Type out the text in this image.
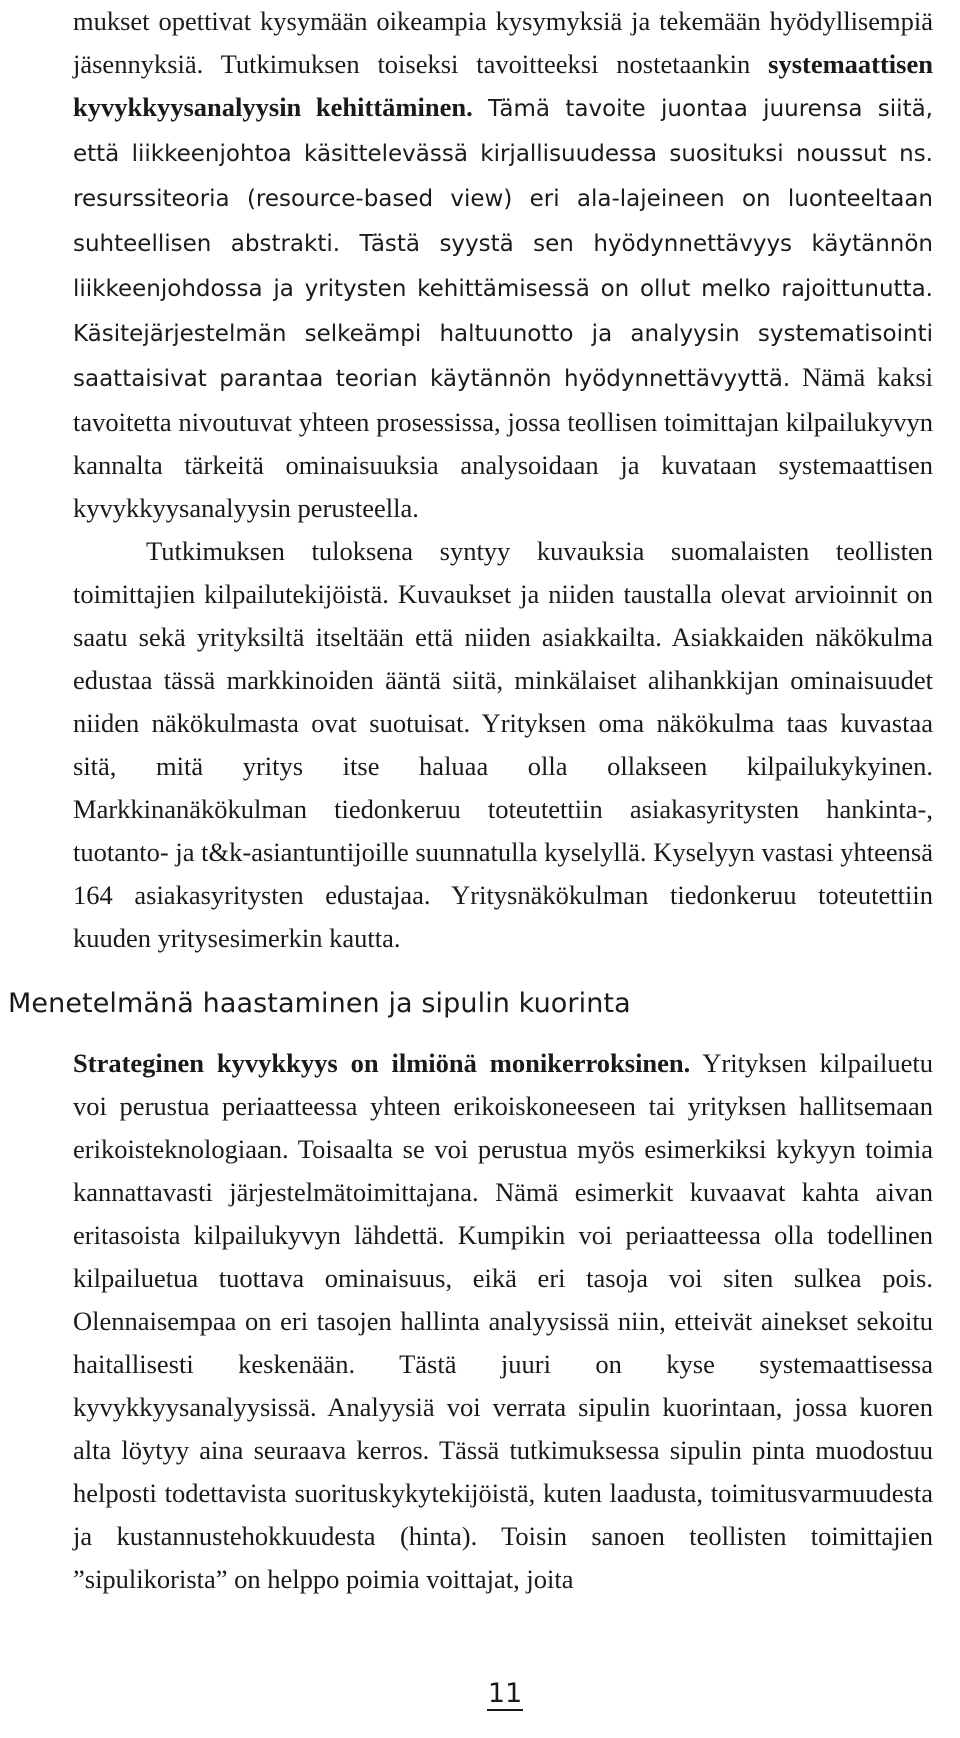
mukset opettivat kysymään oikeampia kysymyksiä ja tekemään hyödyllisempiä jäsennyksiä. Tutkimuksen toiseksi tavoitteeksi nostetaankin systemaattisen kyvykkyysanalyysin kehittäminen. Tämä tavoite juontaa juurensa siitä, että liikkeenjohtoa käsittelevässä kirjallisuudessa suosituksi noussut ns. resurssiteoria (resource-based view) eri ala-lajeineen on luonteeltaan suhteellisen abstrakti. Tästä syystä sen hyödynnettävyys käytännön liikkeenjohdossa ja yritysten kehittämisessä on ollut melko rajoittunutta. Käsitejärjestelmän selkeämpi haltuunotto ja analyysin systematisointi saattaisivat parantaa teorian käytännön hyödynnettävyyttä. Nämä kaksi tavoitetta nivoutuvat yhteen prosessissa, jossa teollisen toimittajan kilpailukyvyn kannalta tärkeitä ominaisuuksia analysoidaan ja kuvataan systemaattisen kyvykkyysanalyysin perusteella.

Tutkimuksen tuloksena syntyy kuvauksia suomalaisten teollisten toimittajien kilpailutekijöistä. Kuvaukset ja niiden taustalla olevat arvioinnit on saatu sekä yrityksiltä itseltään että niiden asiakkailta. Asiakkaiden näkökulma edustaa tässä markkinoiden ääntä siitä, minkälaiset alihankkijan ominaisuudet niiden näkökulmasta ovat suotuisat. Yrityksen oma näkökulma taas kuvastaa sitä, mitä yritys itse haluaa olla ollakseen kilpailukykyinen. Markkinanäkökulman tiedonkeruu toteutettiin asiakasyritysten hankinta-, tuotanto- ja t&k-asiantuntijoille suunnatulla kyselyllä. Kyselyyn vastasi yhteensä 164 asiakasyritysten edustajaa. Yritysnäkökulman tiedonkeruu toteutettiin kuuden yritysesimerkin kautta.

Menetelmänä haastaminen ja sipulin kuorinta

Strateginen kyvykkyys on ilmiönä monikerroksinen. Yrityksen kilpailuetu voi perustua periaatteessa yhteen erikoiskoneeseen tai yrityksen hallitsemaan erikoisteknologiaan. Toisaalta se voi perustua myös esimerkiksi kykyyn toimia kannattavasti järjestelmätoimittajana. Nämä esimerkit kuvaavat kahta aivan eritasoista kilpailukyvyn lähdettä. Kumpikin voi periaatteessa olla todellinen kilpailuetua tuottava ominaisuus, eikä eri tasoja voi siten sulkea pois. Olennaisempaa on eri tasojen hallinta analyysissä niin, etteivät ainekset sekoitu haitallisesti keskenään. Tästä juuri on kyse systemaattisessa kyvykkyysanalyysissä. Analyysiä voi verrata sipulin kuorintaan, jossa kuoren alta löytyy aina seuraava kerros. Tässä tutkimuksessa sipulin pinta muodostuu helposti todettavista suorituskykytekijöistä, kuten laadusta, toimitusvarmuudesta ja kustannustehokkuudesta (hinta). Toisin sanoen teollisten toimittajien ”sipulikorista” on helppo poimia voittajat, joita

11
